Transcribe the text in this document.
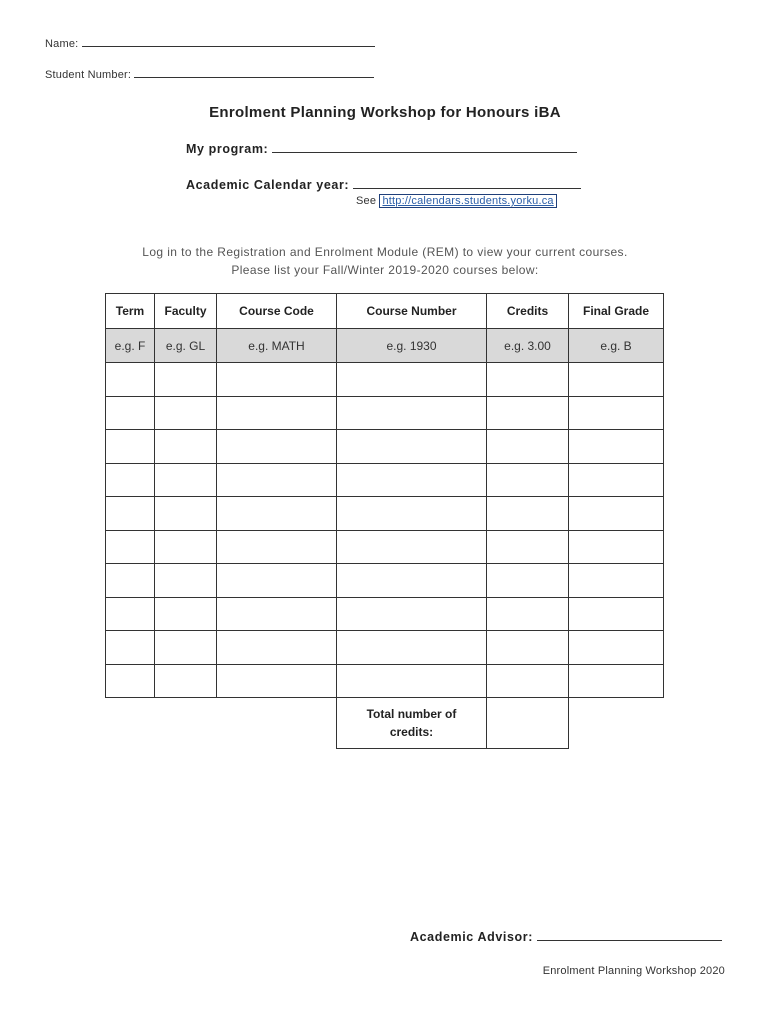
Name:
Student Number:
Enrolment Planning Workshop for Honours iBA
My program:
Academic Calendar year:
See http://calendars.students.yorku.ca
Log in to the Registration and Enrolment Module (REM) to view your current courses.
Please list your Fall/Winter 2019-2020 courses below:
Term	Faculty	Course Code	Course Number	Credits	Final Grade
e.g. F	e.g. GL	e.g. MATH	e.g. 1930	e.g. 3.00	e.g. B

			Total number of
credits:		
Academic Advisor:
Enrolment Planning Workshop 2020
